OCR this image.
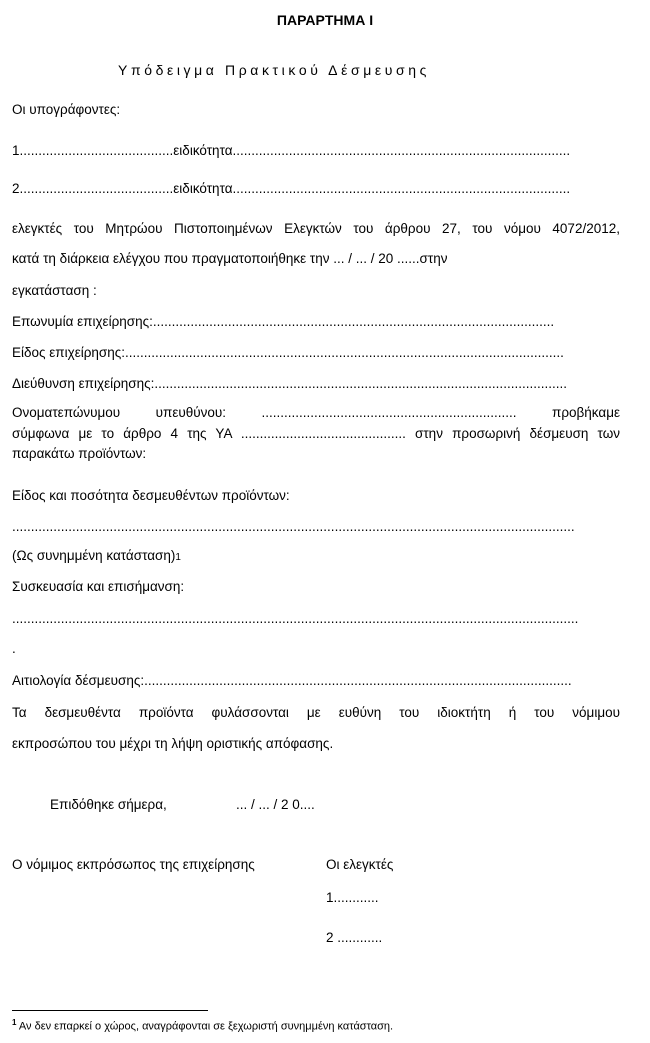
ΠΑΡΑΡΤΗΜΑ Ι
Υπόδειγμα Πρακτικού Δέσμευσης
Οι υπογράφοντες:
1.........................................ειδικότητα..........................................................................................
2.........................................ειδικότητα..........................................................................................
ελεγκτές του Μητρώου Πιστοποιημένων Ελεγκτών του άρθρου 27, του νόμου 4072/2012,
κατά τη διάρκεια ελέγχου που πραγματοποιήθηκε την ... / ... / 20 ......στην
εγκατάσταση :
Επωνυμία επιχείρησης:...........................................................................................................
Είδος επιχείρησης:.....................................................................................................................
Διεύθυνση επιχείρησης:..............................................................................................................
Ονοματεπώνυμου υπευθύνου: .................................................................... προβήκαμε
σύμφωνα με το άρθρο 4 της ΥΑ ............................................ στην προσωρινή δέσμευση των
παρακάτω προϊόντων:
Είδος και ποσότητα δεσμευθέντων προϊόντων:
......................................................................................................................................................
(Ως συνημμένη κατάσταση)1
Συσκευασία και επισήμανση:
.......................................................................................................................................................
.
Αιτιολογία δέσμευσης:..................................................................................................................
Τα δεσμευθέντα προϊόντα φυλάσσονται με ευθύνη του ιδιοκτήτη ή του νόμιμου
εκπροσώπου του μέχρι τη λήψη οριστικής απόφασης.
Επιδόθηκε σήμερα,	... / ... / 2 0....
Ο νόμιμος εκπρόσωπος της επιχείρησης	Οι ελεγκτές
1............
2 ............
$^1$ Αν δεν επαρκεί ο χώρος, αναγράφονται σε ξεχωριστή συνημμένη κατάσταση.
